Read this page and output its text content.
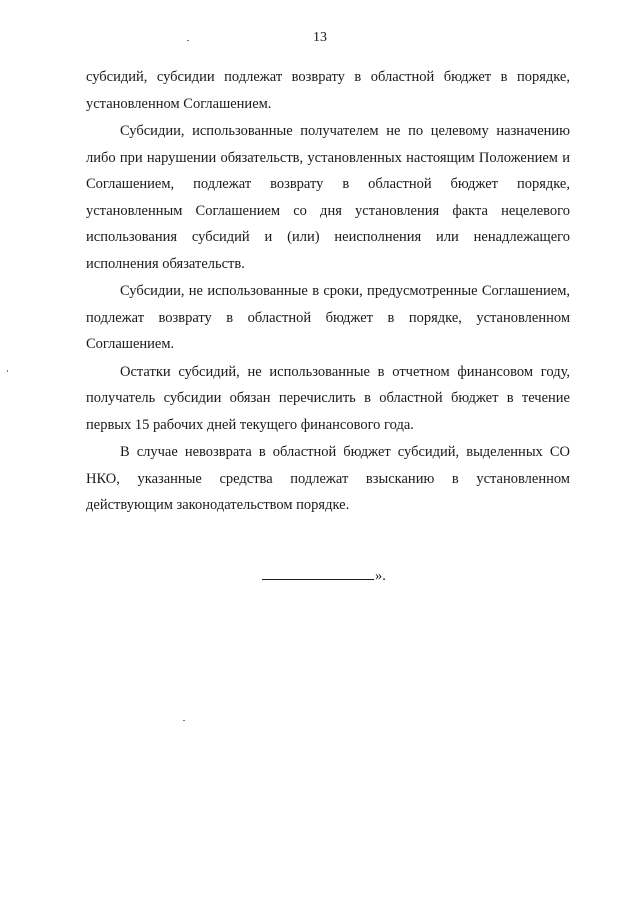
13

субсидий, субсидии подлежат возврату в областной бюджет в порядке, установленном Соглашением.

Субсидии, использованные получателем не по целевому назначению либо при нарушении обязательств, установленных настоящим Положением и Соглашением, подлежат возврату в областной бюджет порядке, установленным Соглашением со дня установления факта нецелевого использования субсидий и (или) неисполнения или ненадлежащего исполнения обязательств.

Субсидии, не использованные в сроки, предусмотренные Соглашением, подлежат возврату в областной бюджет в порядке, установленном Соглашением.

Остатки субсидий, не использованные в отчетном финансовом году, получатель субсидии обязан перечислить в областной бюджет в течение первых 15 рабочих дней текущего финансового года.

В случае невозврата в областной бюджет субсидий, выделенных СО НКО, указанные средства подлежат взысканию в установленном действующим законодательством порядке.

».
